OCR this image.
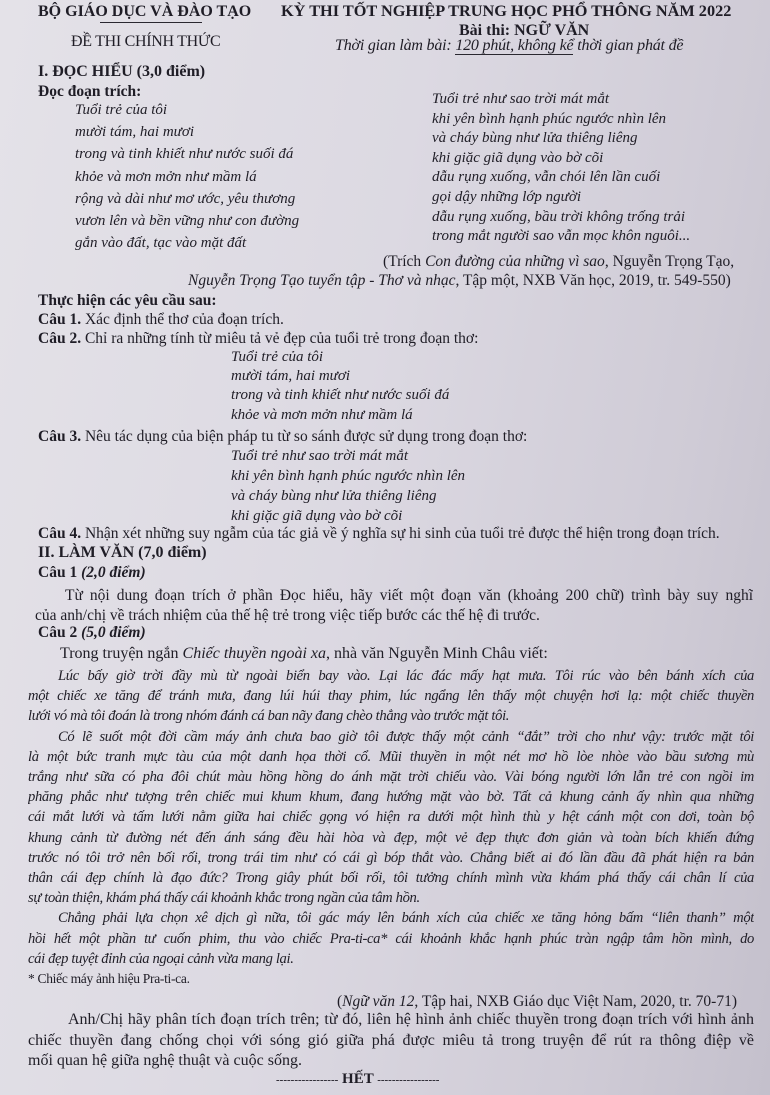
BỘ GIÁO DỤC VÀ ĐÀO TẠO KỲ THI TỐT NGHIỆP TRUNG HỌC PHỔ THÔNG NĂM 2022
Bài thi: NGỮ VĂN
ĐỀ THI CHÍNH THỨC	Thời gian làm bài: 120 phút, không kể thời gian phát đề
I. ĐỌC HIỂU (3,0 điểm)
Đọc đoạn trích:
Tuổi trẻ của tôi
mười tám, hai mươi
trong và tinh khiết như nước suối đá
khỏe và mơn mởn như mầm lá
rộng và dài như mơ ước, yêu thương
vươn lên và bền vững như con đường
gắn vào đất, tạc vào mặt đất
Tuổi trẻ như sao trời mát mắt
khi yên bình hạnh phúc ngước nhìn lên
và cháy bùng như lửa thiêng liêng
khi giặc giã dụng vào bờ cõi
dẫu rụng xuống, vẫn chói lên lần cuối
gọi dậy những lớp người
dẫu rụng xuống, bầu trời không trống trải
trong mắt người sao vẫn mọc khôn nguôi...
(Trích Con đường của những vì sao, Nguyễn Trọng Tạo,
Nguyễn Trọng Tạo tuyển tập - Thơ và nhạc, Tập một, NXB Văn học, 2019, tr. 549-550)
Thực hiện các yêu cầu sau:
Câu 1. Xác định thể thơ của đoạn trích.
Câu 2. Chỉ ra những tính từ miêu tả vẻ đẹp của tuổi trẻ trong đoạn thơ:
Tuổi trẻ của tôi
mười tám, hai mươi
trong và tinh khiết như nước suối đá
khỏe và mơn mởn như mầm lá
Câu 3. Nêu tác dụng của biện pháp tu từ so sánh được sử dụng trong đoạn thơ:
Tuổi trẻ như sao trời mát mắt
khi yên bình hạnh phúc ngước nhìn lên
và cháy bùng như lửa thiêng liêng
khi giặc giã dụng vào bờ cõi
Câu 4. Nhận xét những suy ngẫm của tác giả về ý nghĩa sự hi sinh của tuổi trẻ được thể hiện trong đoạn trích.
II. LÀM VĂN (7,0 điểm)
Câu 1 (2,0 điểm)
Từ nội dung đoạn trích ở phần Đọc hiểu, hãy viết một đoạn văn (khoảng 200 chữ) trình bày suy nghĩ
của anh/chị về trách nhiệm của thế hệ trẻ trong việc tiếp bước các thế hệ đi trước.
Câu 2 (5,0 điểm)
Trong truyện ngắn Chiếc thuyền ngoài xa, nhà văn Nguyễn Minh Châu viết:
Lúc bấy giờ trời đầy mù từ ngoài biển bay vào. Lại lác đác mấy hạt mưa. Tôi rúc vào bên bánh xích của
một chiếc xe tăng để tránh mưa, đang lúi húi thay phim, lúc ngẩng lên thấy một chuyện hơi lạ: một chiếc thuyền
lưới vó mà tôi đoán là trong nhóm đánh cá ban nãy đang chèo thẳng vào trước mặt tôi.
Có lẽ suốt một đời cầm máy ảnh chưa bao giờ tôi được thấy một cảnh “đắt” trời cho như vậy: trước mặt tôi
là một bức tranh mực tàu của một danh họa thời cổ. Mũi thuyền in một nét mơ hồ lòe nhòe vào bầu sương mù
trắng như sữa có pha đôi chút màu hồng hồng do ánh mặt trời chiếu vào. Vài bóng người lớn lẫn trẻ con ngồi im
phăng phắc như tượng trên chiếc mui khum khum, đang hướng mặt vào bờ. Tất cả khung cảnh ấy nhìn qua những
cái mắt lưới và tấm lưới nằm giữa hai chiếc gọng vó hiện ra dưới một hình thù y hệt cánh một con dơi, toàn bộ
khung cảnh từ đường nét đến ánh sáng đều hài hòa và đẹp, một vẻ đẹp thực đơn giản và toàn bích khiến đứng
trước nó tôi trở nên bối rối, trong trái tim như có cái gì bóp thắt vào. Chẳng biết ai đó lần đầu đã phát hiện ra bản
thân cái đẹp chính là đạo đức? Trong giây phút bối rối, tôi tưởng chính mình vừa khám phá thấy cái chân lí của
sự toàn thiện, khám phá thấy cái khoảnh khắc trong ngần của tâm hồn.
Chẳng phải lựa chọn xê dịch gì nữa, tôi gác máy lên bánh xích của chiếc xe tăng hỏng bấm “liên thanh” một
hồi hết một phần tư cuốn phim, thu vào chiếc Pra-ti-ca* cái khoảnh khắc hạnh phúc tràn ngập tâm hồn mình, do
cái đẹp tuyệt đỉnh của ngoại cảnh vừa mang lại.
* Chiếc máy ảnh hiệu Pra-ti-ca.
(Ngữ văn 12, Tập hai, NXB Giáo dục Việt Nam, 2020, tr. 70-71)
Anh/Chị hãy phân tích đoạn trích trên; từ đó, liên hệ hình ảnh chiếc thuyền trong đoạn trích với hình ảnh
chiếc thuyền đang chống chọi với sóng gió giữa phá được miêu tả trong truyện để rút ra thông điệp về
mối quan hệ giữa nghệ thuật và cuộc sống.
----------------- HẾT -----------------
